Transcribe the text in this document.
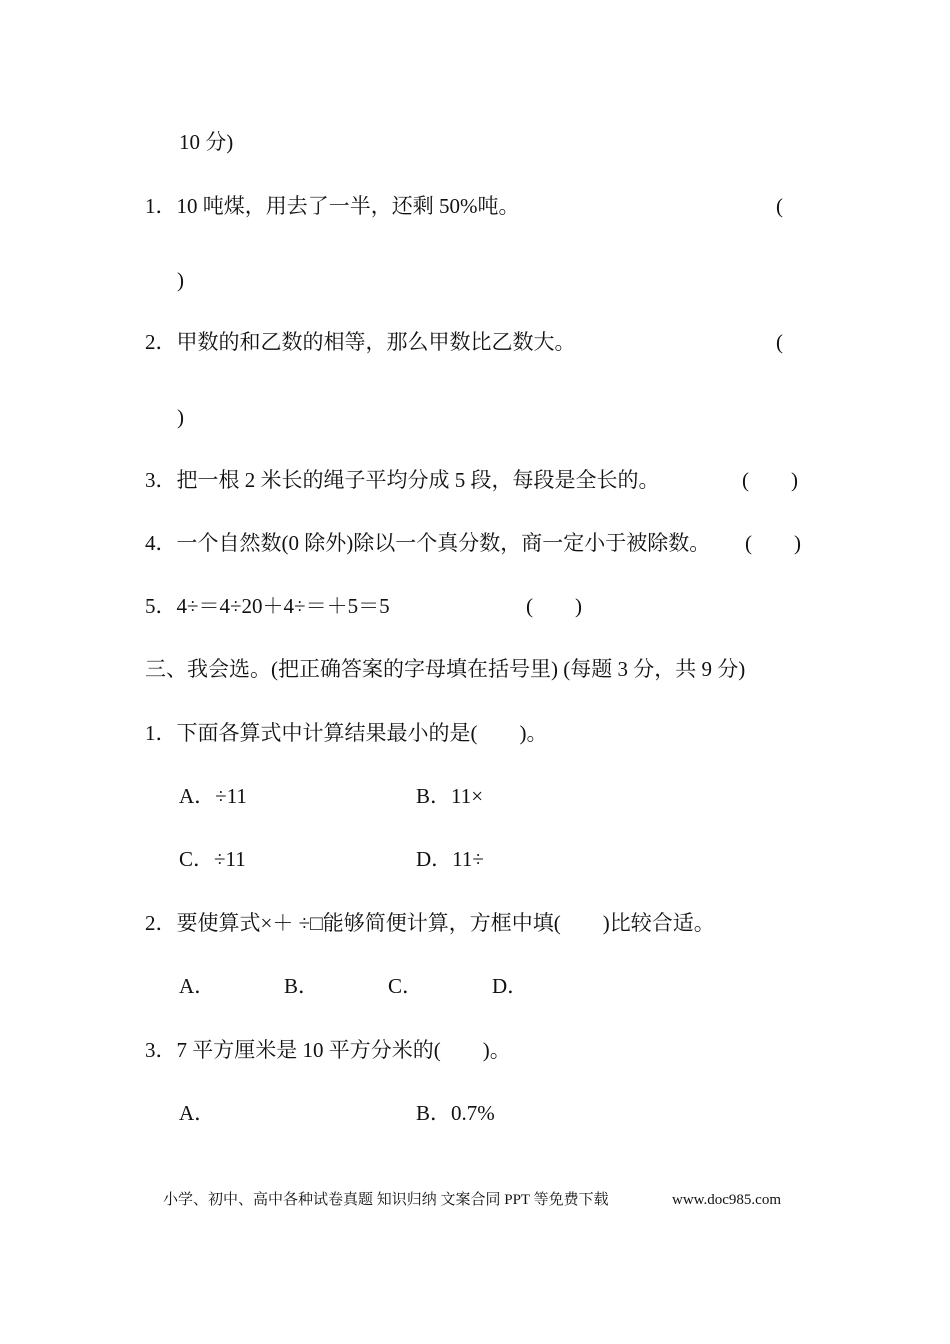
10 分)
1．10 吨煤，用去了一半，还剩 50%吨。	(
)
2．甲数的和乙数的相等，那么甲数比乙数大。	(
)
3．把一根 2 米长的绳子平均分成 5 段，每段是全长的。	(　　)
4．一个自然数(0 除外)除以一个真分数，商一定小于被除数。 (　　)
5．4÷＝4÷20＋4÷＝＋5＝5	(　　)
三、我会选。(把正确答案的字母填在括号里) (每题 3 分，共 9 分)
1．下面各算式中计算结果最小的是(　　)。
A．÷11	B．11×
C．÷11	D．11÷
2．要使算式×＋ ÷□能够简便计算，方框中填(　　)比较合适。
A．	B．	C．	D．
3．7 平方厘米是 10 平方分米的(　　)。
A．	B．0.7%
小学、初中、高中各种试卷真题 知识归纳 文案合同 PPT 等免费下载	www.doc985.com
